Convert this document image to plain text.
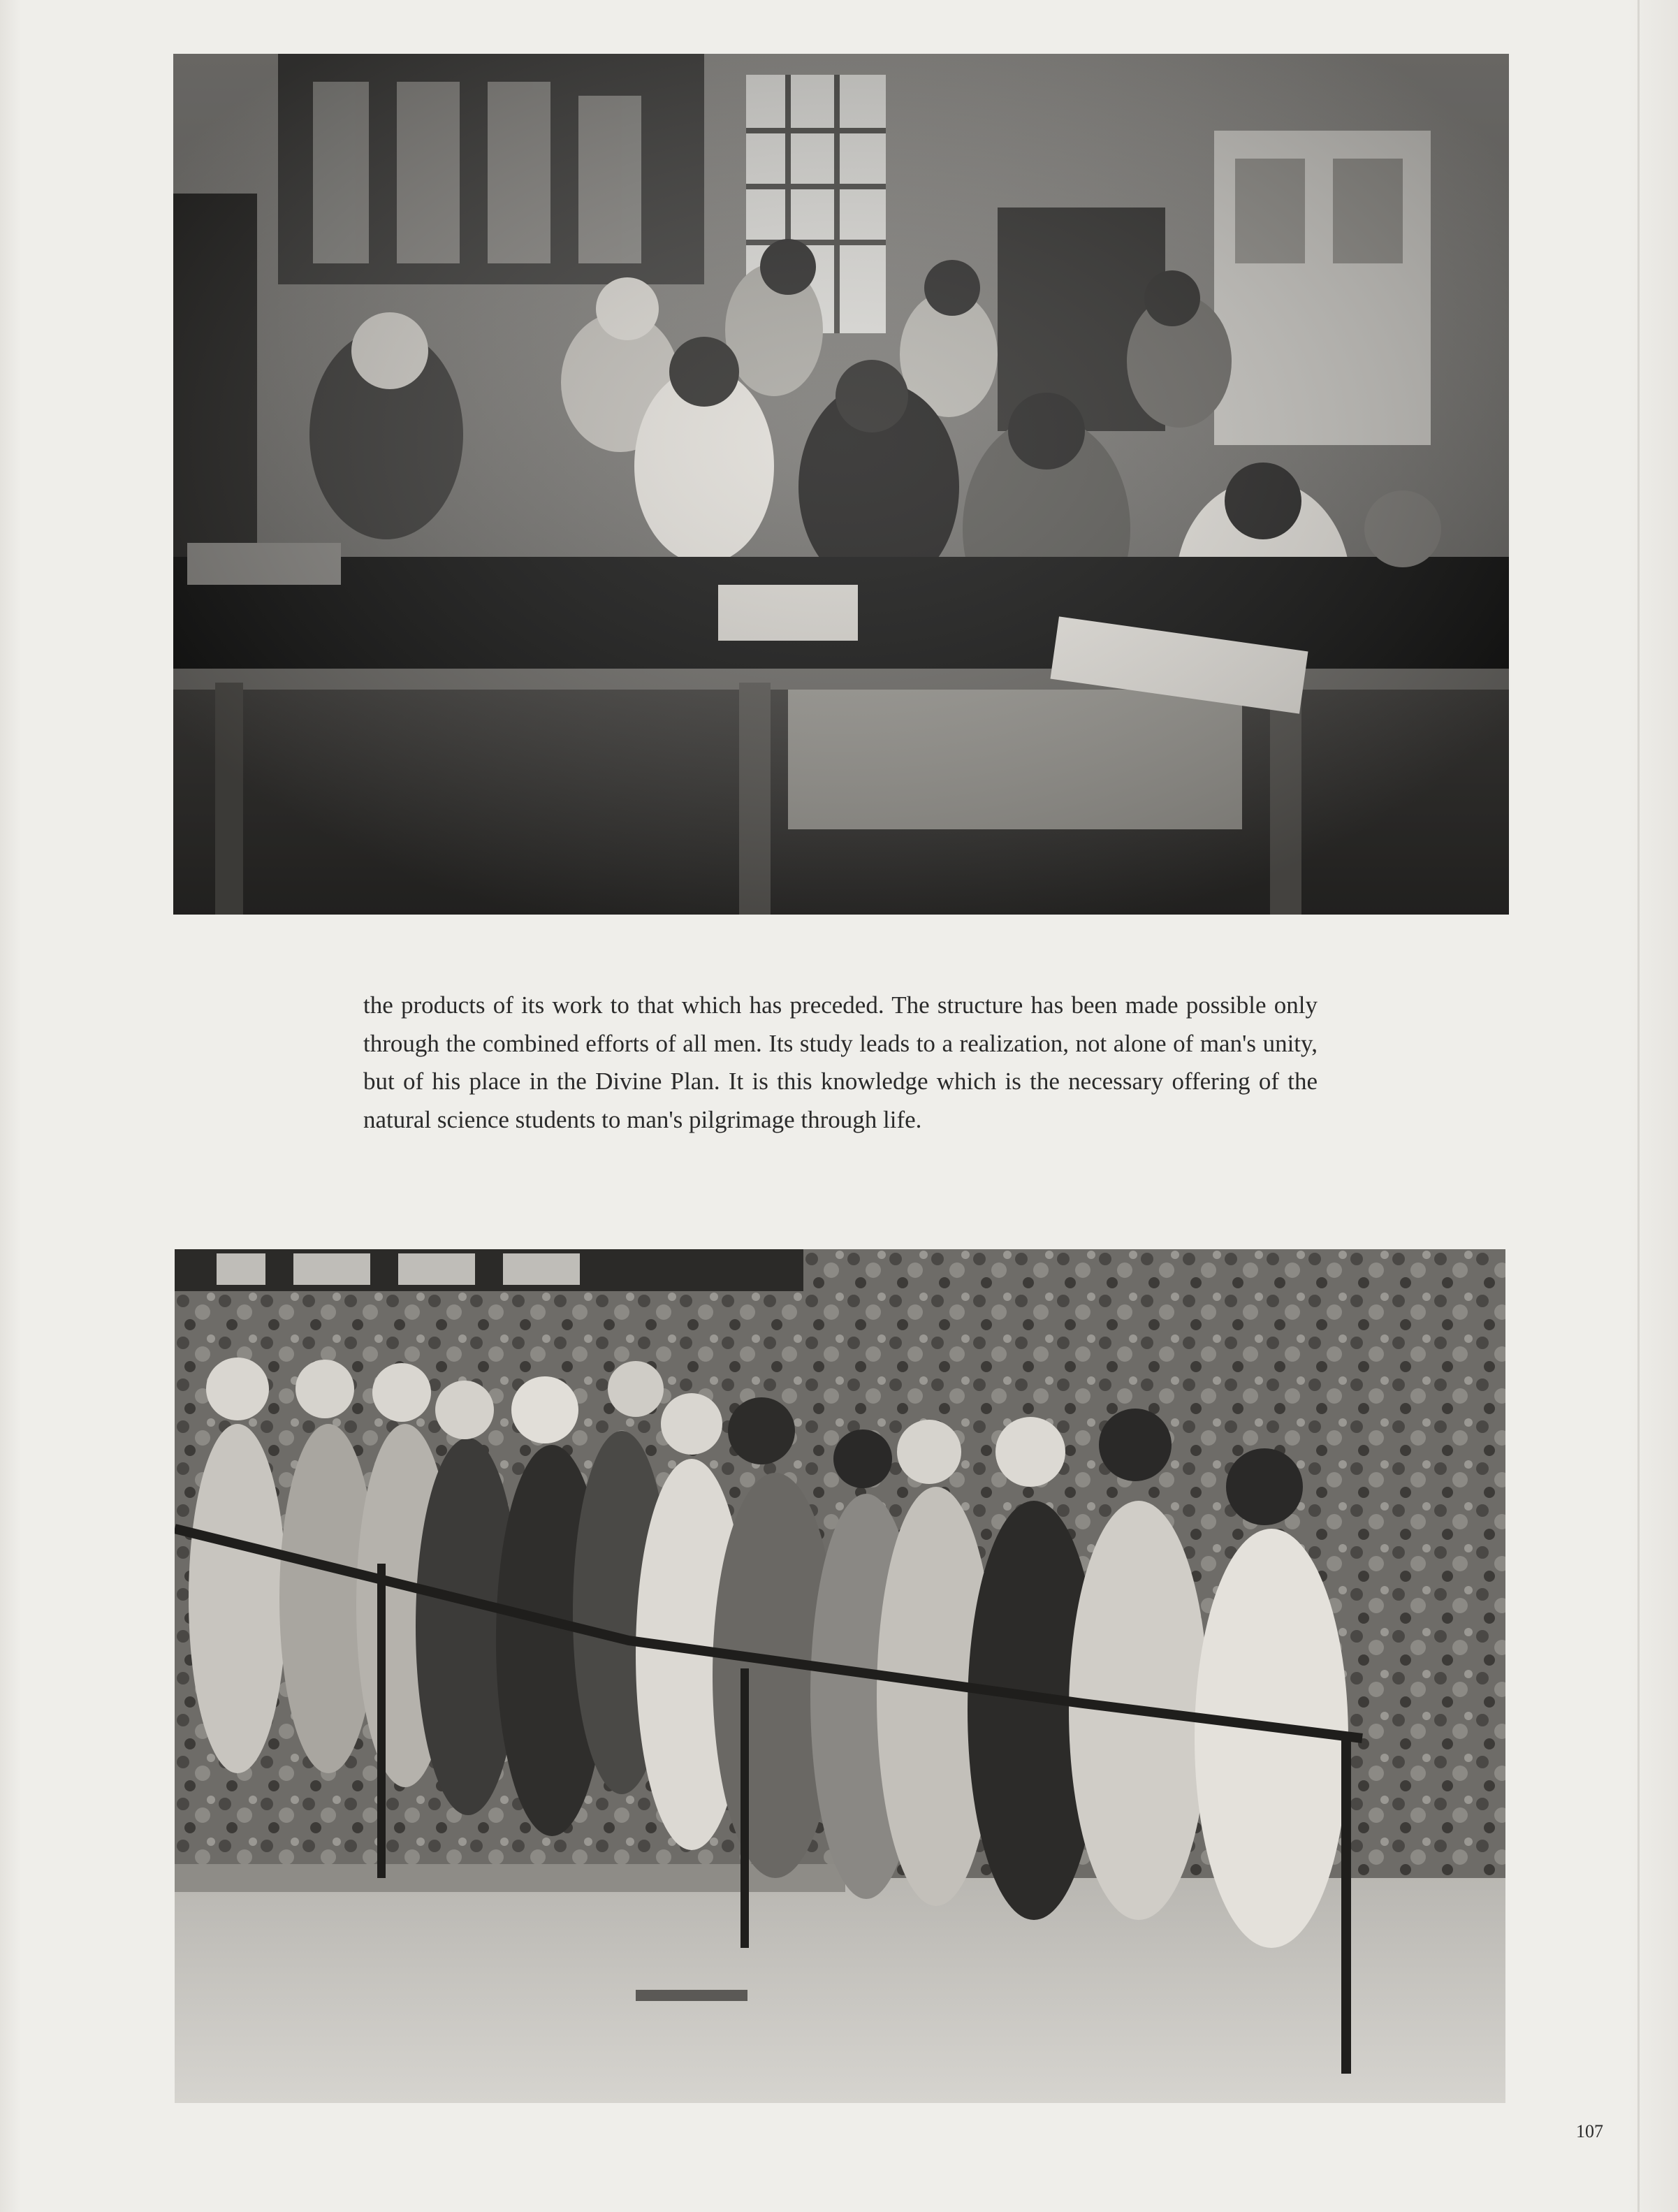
the products of its work to that which has preceded. The structure has been made possible only through the combined efforts of all men. Its study leads to a realization, not alone of man's unity, but of his place in the Divine Plan. It is this knowledge which is the necessary offering of the natural science students to man's pilgrimage through life.
107
